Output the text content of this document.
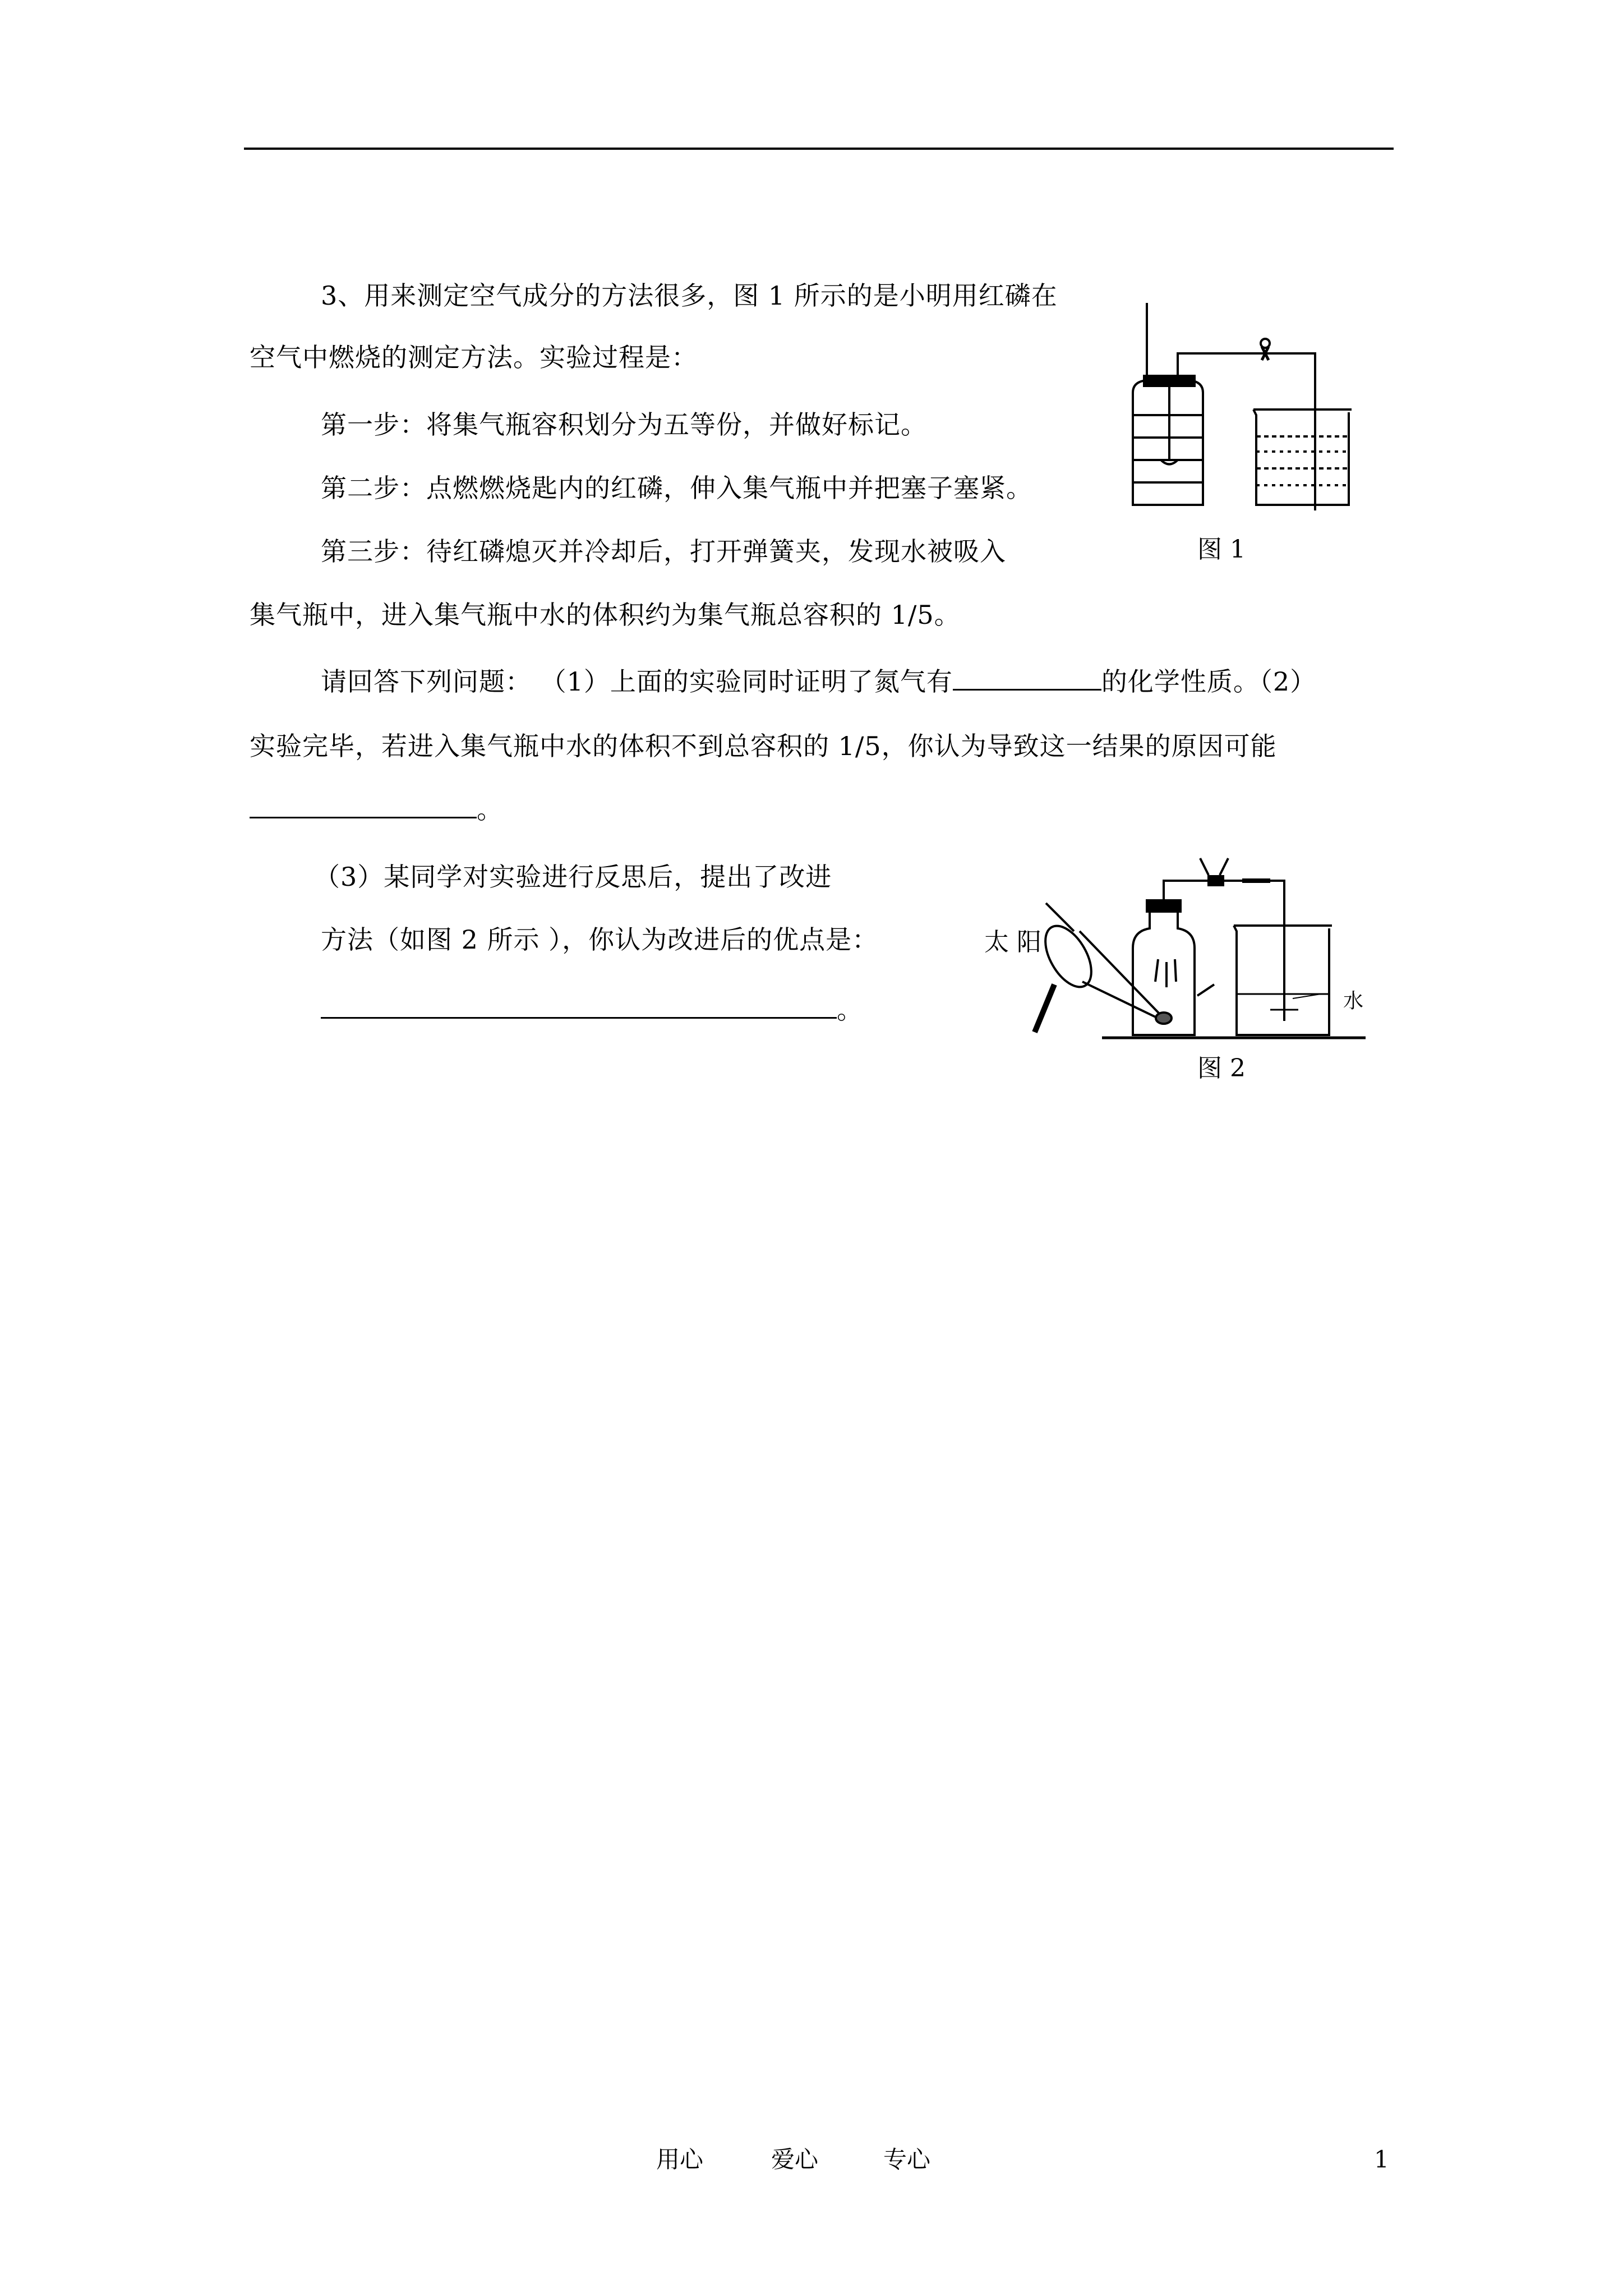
3、用来测定空气成分的方法很多，图 1 所示的是小明用红磷在
空气中燃烧的测定方法。实验过程是：
第一步：将集气瓶容积划分为五等份，并做好标记。
第二步：点燃燃烧匙内的红磷，伸入集气瓶中并把塞子塞紧。
第三步：待红磷熄灭并冷却后，打开弹簧夹，发现水被吸入
集气瓶中，进入集气瓶中水的体积约为集气瓶总容积的 1/5。
请回答下列问题： （1）上面的实验同时证明了氮气有	的化学性质。（2）
实验完毕，若进入集气瓶中水的体积不到总容积的 1/5，你认为导致这一结果的原因可能
。
（3）某同学对实验进行反思后，提出了改进
方法（如图 2 所示 ），你认为改进后的优点是：
。
图 1
太 阳
水
图 2
用心	爱心	专心	1
